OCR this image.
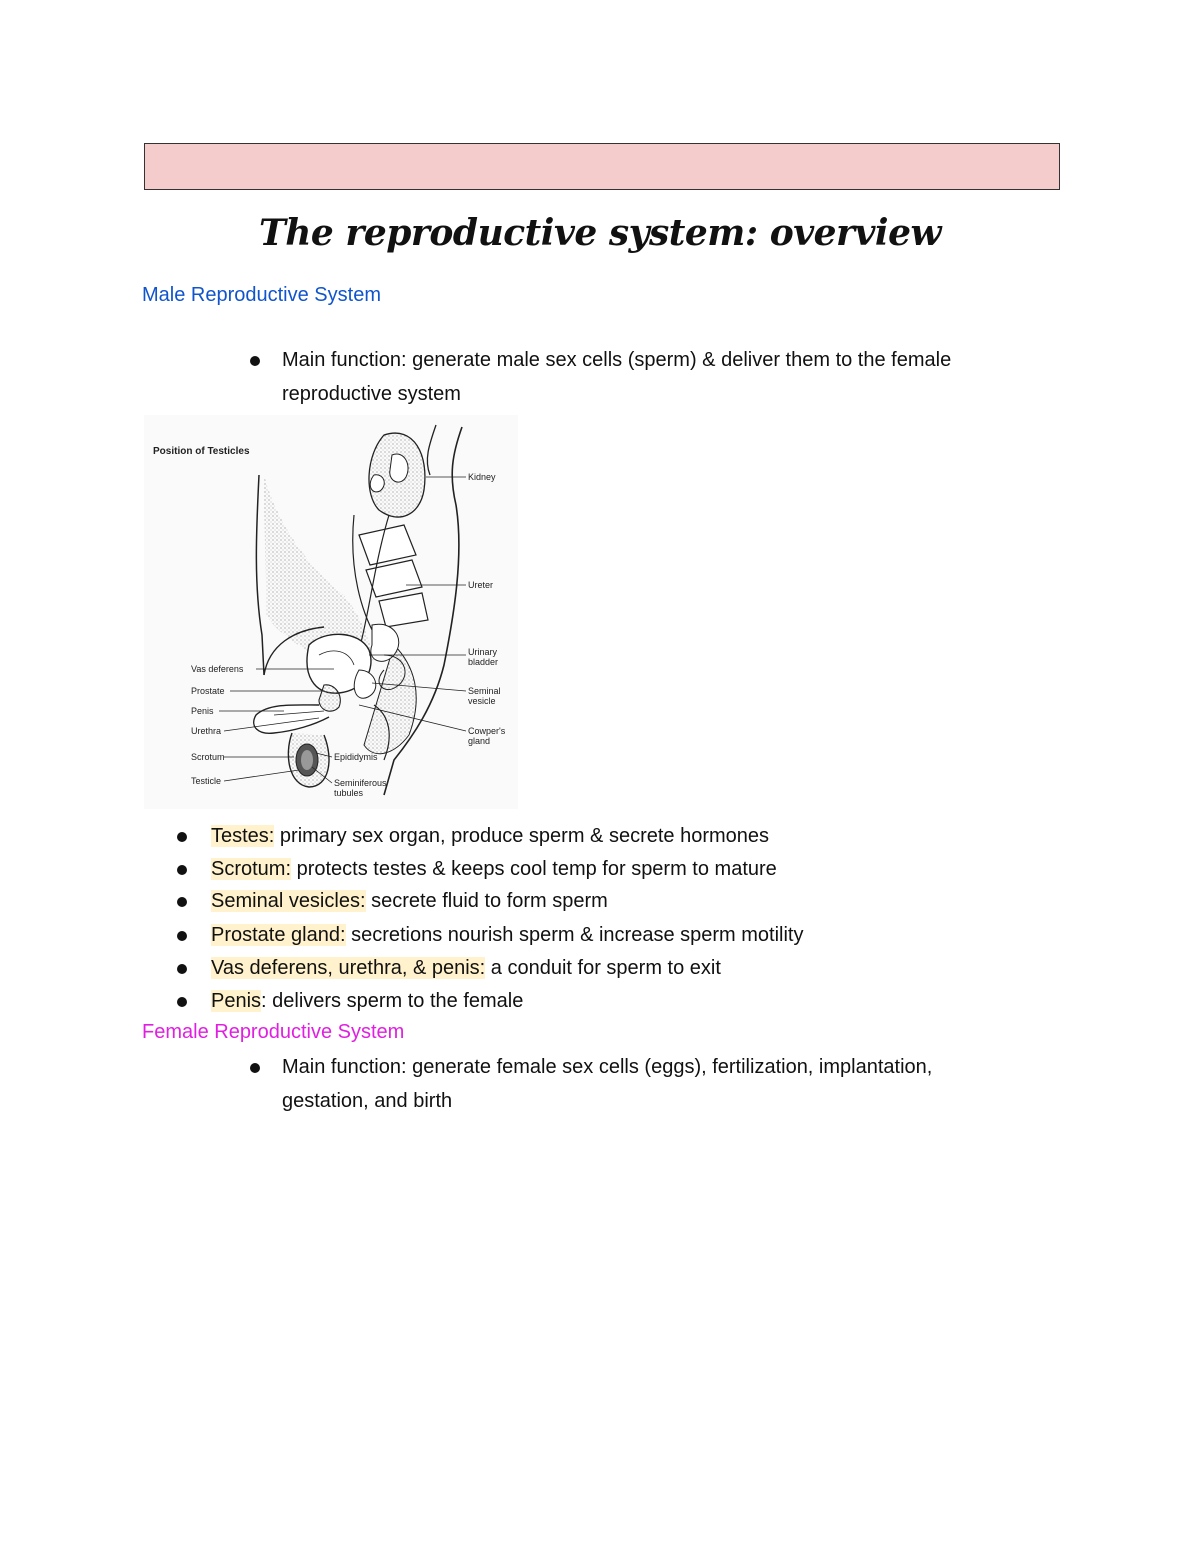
The reproductive system: overview
Male Reproductive System
Main function: generate male sex cells (sperm) & deliver them to the female
reproductive system
Position of Testicles
Kidney
Ureter
Urinary
bladder
Seminal
vesicle
Cowper's
gland
Vas deferens
Prostate
Penis
Urethra
Scrotum
Testicle
Epididymis
Seminiferous
tubules
Testes: primary sex organ, produce sperm & secrete hormones
Scrotum: protects testes & keeps cool temp for sperm to mature
Seminal vesicles: secrete fluid to form sperm
Prostate gland: secretions nourish sperm & increase sperm motility
Vas deferens, urethra, & penis: a conduit for sperm to exit
Penis: delivers sperm to the female
Female Reproductive System
Main function: generate female sex cells (eggs), fertilization, implantation,
gestation, and birth
